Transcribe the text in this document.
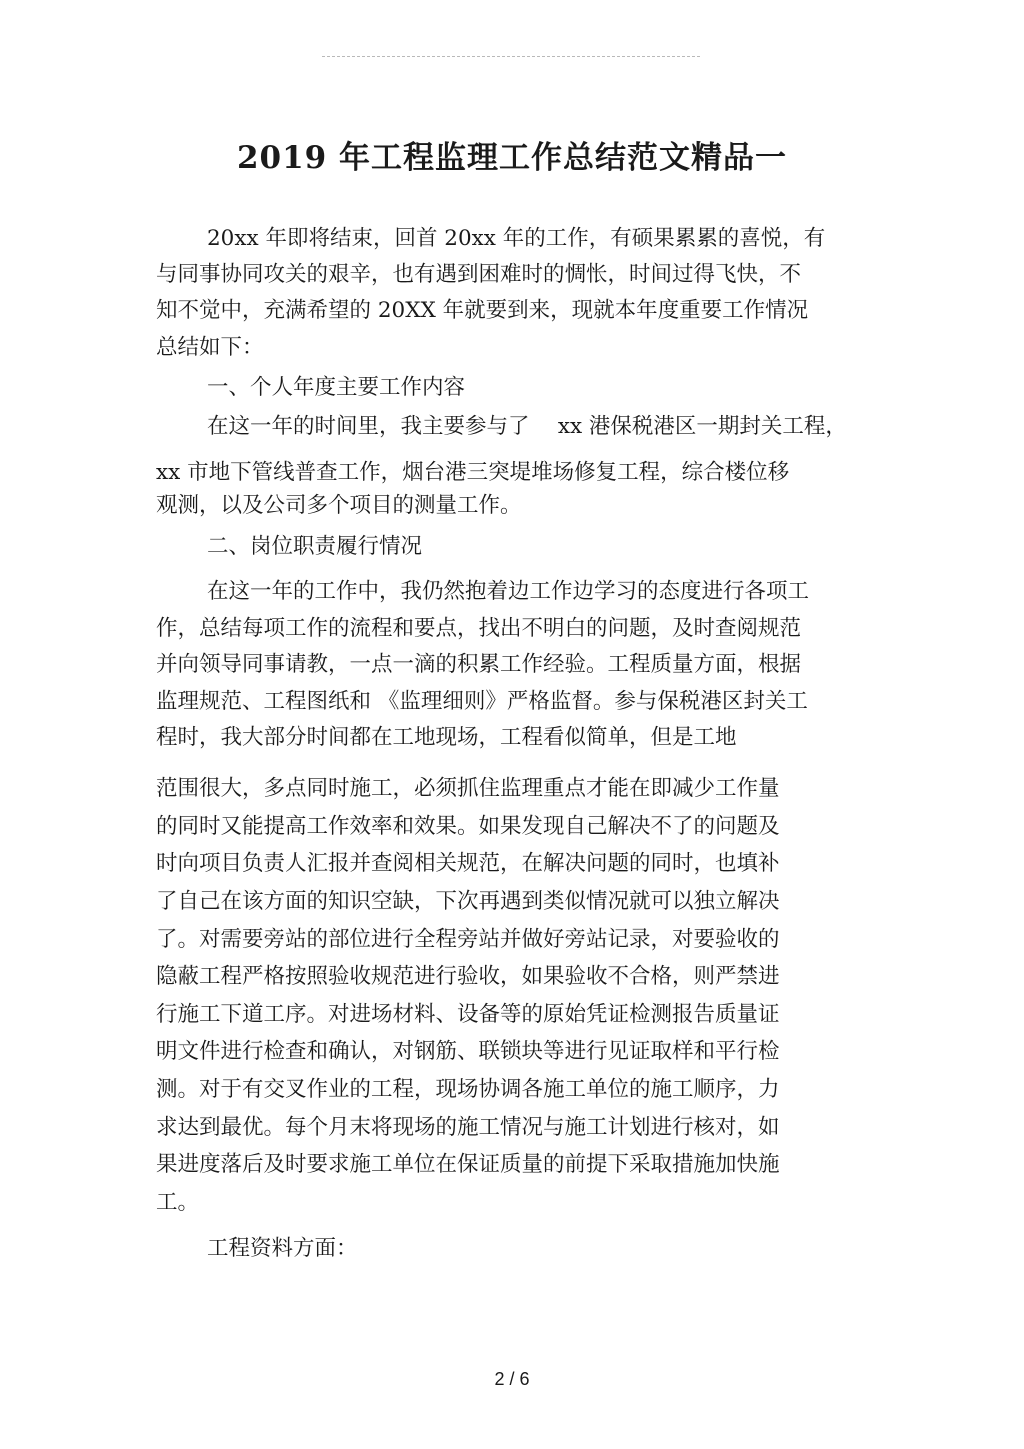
2019 年工程监理工作总结范文精品一
20xx 年即将结束，回首 20xx 年的工作，有硕果累累的喜悦，有
与同事协同攻关的艰辛，也有遇到困难时的惆怅，时间过得飞快，不
知不觉中，充满希望的 20XX 年就要到来，现就本年度重要工作情况
总结如下：
一、个人年度主要工作内容
在这一年的时间里，我主要参与了　 xx 港保税港区一期封关工程，
xx 市地下管线普查工作，烟台港三突堤堆场修复工程，综合楼位移
观测，以及公司多个项目的测量工作。
二、岗位职责履行情况
在这一年的工作中，我仍然抱着边工作边学习的态度进行各项工
作，总结每项工作的流程和要点，找出不明白的问题，及时查阅规范
并向领导同事请教，一点一滴的积累工作经验。工程质量方面，根据
监理规范、工程图纸和 《监理细则》严格监督。参与保税港区封关工
程时，我大部分时间都在工地现场，工程看似简单，但是工地
范围很大，多点同时施工，必须抓住监理重点才能在即减少工作量
的同时又能提高工作效率和效果。如果发现自己解决不了的问题及
时向项目负责人汇报并查阅相关规范，在解决问题的同时，也填补
了自己在该方面的知识空缺，下次再遇到类似情况就可以独立解决
了。对需要旁站的部位进行全程旁站并做好旁站记录，对要验收的
隐蔽工程严格按照验收规范进行验收，如果验收不合格，则严禁进
行施工下道工序。对进场材料、设备等的原始凭证检测报告质量证
明文件进行检查和确认，对钢筋、联锁块等进行见证取样和平行检
测。对于有交叉作业的工程，现场协调各施工单位的施工顺序，力
求达到最优。每个月末将现场的施工情况与施工计划进行核对，如
果进度落后及时要求施工单位在保证质量的前提下采取措施加快施
工。
工程资料方面：
2 / 6
